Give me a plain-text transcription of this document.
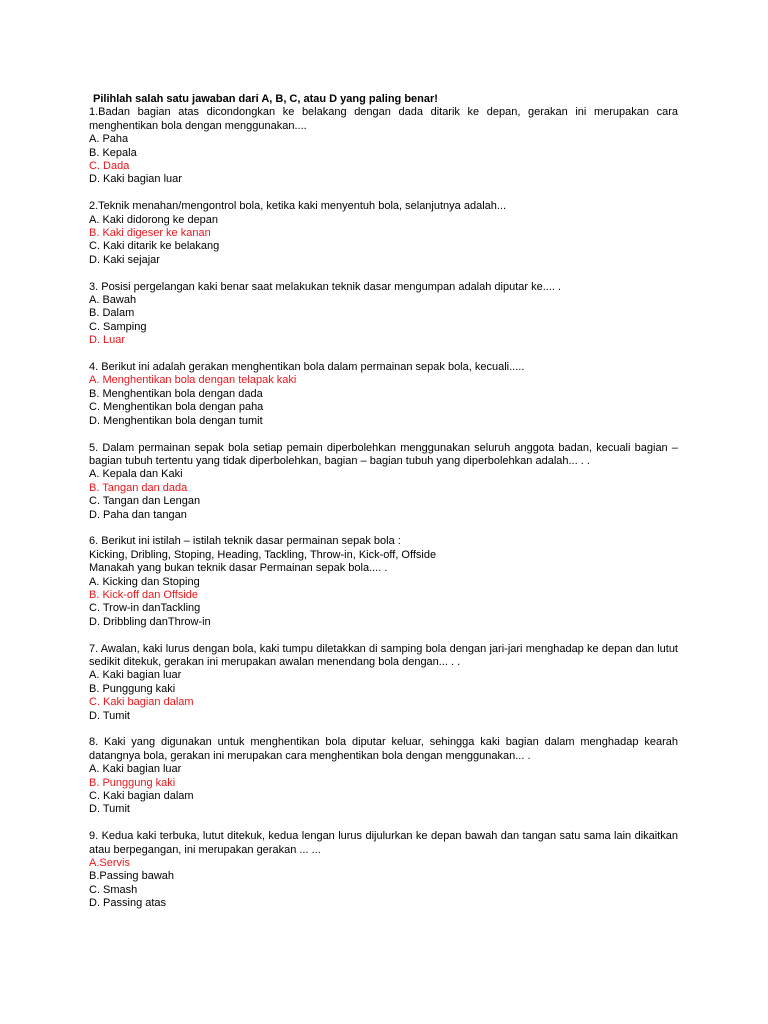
Pilihlah salah satu jawaban dari A, B, C, atau D yang paling benar!
1.Badan bagian atas dicondongkan ke belakang dengan dada ditarik ke depan, gerakan ini merupakan cara menghentikan bola dengan menggunakan....
A. Paha
B. Kepala
C. Dada
D. Kaki bagian luar
2.Teknik menahan/mengontrol bola, ketika kaki menyentuh bola, selanjutnya adalah...
A. Kaki didorong ke depan
B. Kaki digeser ke kanan
C. Kaki ditarik ke belakang
D. Kaki sejajar
3. Posisi pergelangan kaki benar saat melakukan teknik dasar mengumpan adalah diputar ke.... .
A. Bawah
B. Dalam
C. Samping
D. Luar
4. Berikut ini adalah gerakan menghentikan bola dalam permainan sepak bola, kecuali.....
A. Menghentikan bola dengan telapak kaki
B. Menghentikan bola dengan dada
C. Menghentikan bola dengan paha
D. Menghentikan bola dengan tumit
5. Dalam permainan sepak bola setiap pemain diperbolehkan menggunakan seluruh anggota badan, kecuali bagian – bagian tubuh tertentu yang tidak diperbolehkan, bagian – bagian tubuh yang diperbolehkan adalah... . .
A. Kepala dan Kaki
B. Tangan dan dada
C. Tangan dan Lengan
D. Paha dan tangan
6. Berikut ini istilah – istilah teknik dasar permainan sepak bola :
Kicking, Dribling, Stoping, Heading, Tackling, Throw-in, Kick-off, Offside
Manakah yang bukan teknik dasar Permainan sepak bola.... .
A. Kicking dan Stoping
B. Kick-off dan Offside
C. Trow-in danTackling
D. Dribbling danThrow-in
7. Awalan, kaki lurus dengan bola, kaki tumpu diletakkan di samping bola dengan jari-jari menghadap ke depan dan lutut sedikit ditekuk, gerakan ini merupakan awalan menendang bola dengan... . .
A. Kaki bagian luar
B. Punggung kaki
C. Kaki bagian dalam
D. Tumit
8. Kaki yang digunakan untuk menghentikan bola diputar keluar, sehingga kaki bagian dalam menghadap kearah datangnya bola, gerakan ini merupakan cara menghentikan bola dengan menggunakan... .
A. Kaki bagian luar
B. Punggung kaki
C. Kaki bagian dalam
D. Tumit
9. Kedua kaki terbuka, lutut ditekuk, kedua lengan lurus dijulurkan ke depan bawah dan tangan satu sama lain dikaitkan atau berpegangan, ini merupakan gerakan ... ...
A.Servis
B.Passing bawah
C. Smash
D. Passing atas
